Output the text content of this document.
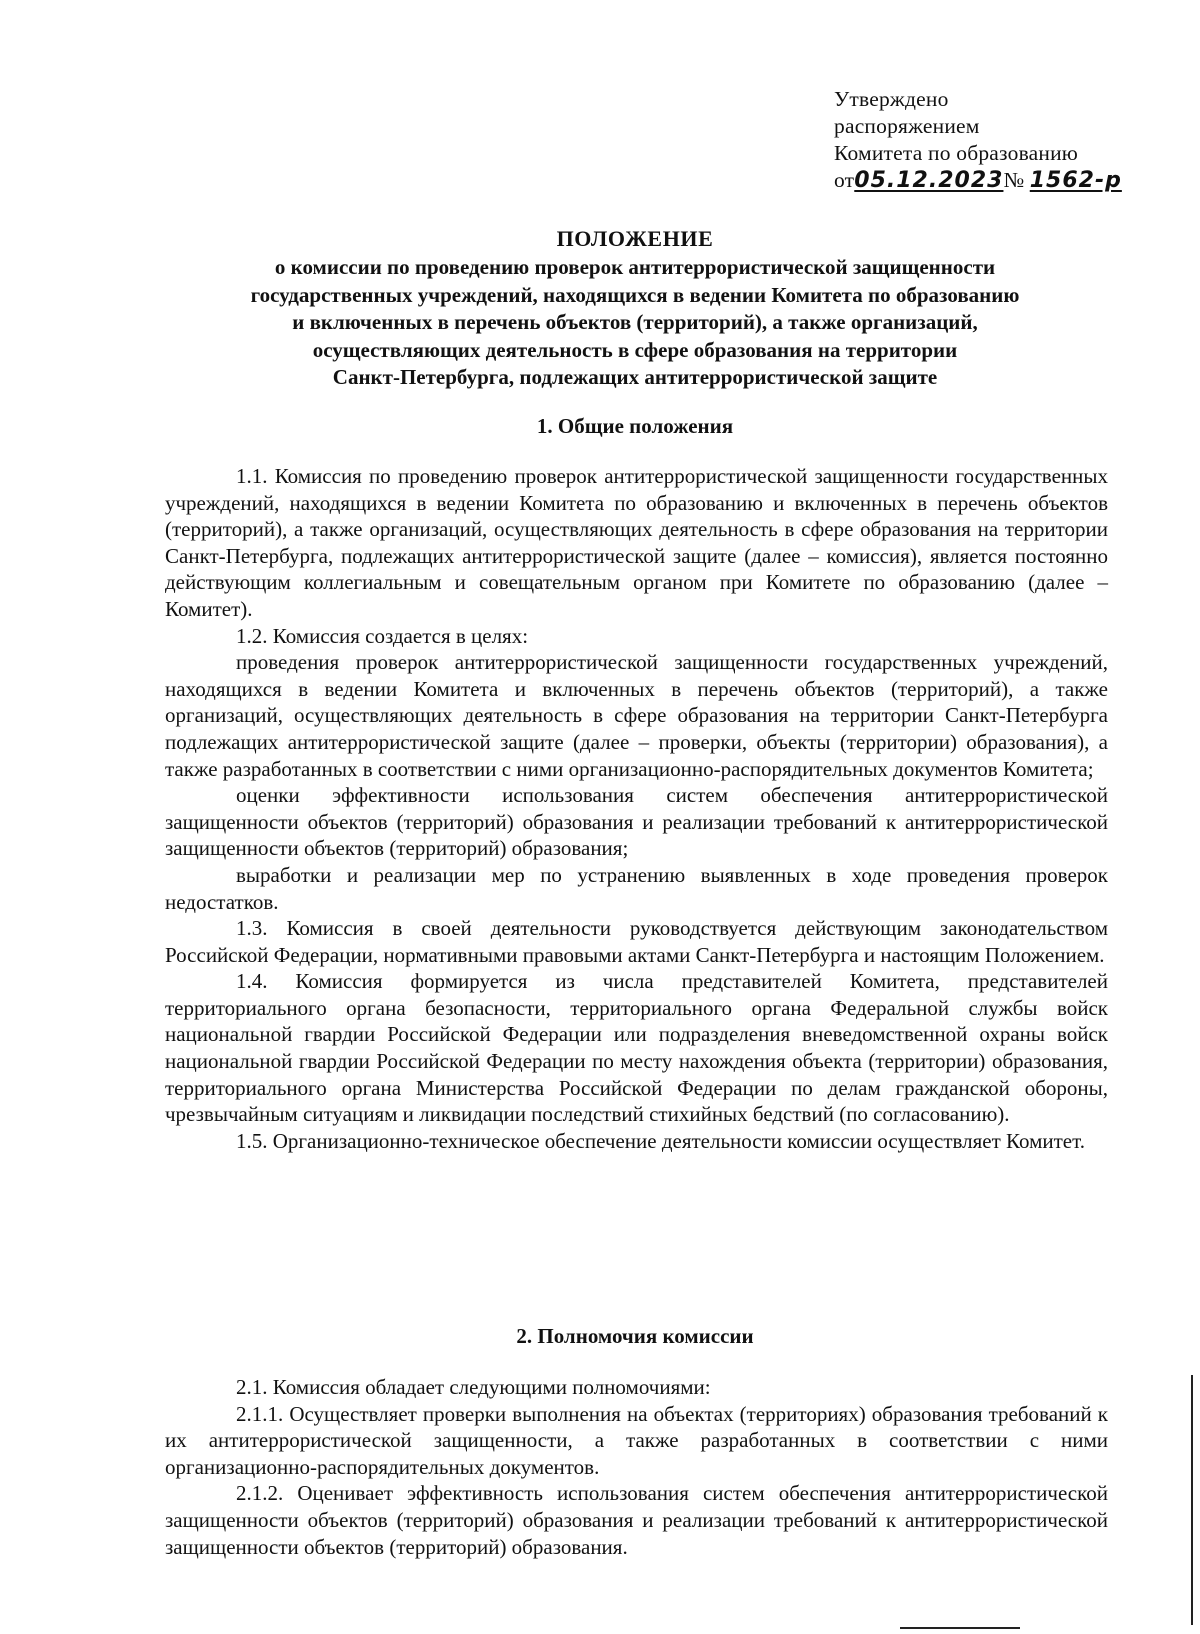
Утверждено
распоряжением
Комитета по образованию
от05.12.2023№ 1562-р
ПОЛОЖЕНИЕ
о комиссии по проведению проверок антитеррористической защищенности
государственных учреждений, находящихся в ведении Комитета по образованию
и включенных в перечень объектов (территорий), а также организаций,
осуществляющих деятельность в сфере образования на территории
Санкт-Петербурга, подлежащих антитеррористической защите
1. Общие положения

1.1. Комиссия по проведению проверок антитеррористической защищенности государственных учреждений, находящихся в ведении Комитета по образованию и включенных в перечень объектов (территорий), а также организаций, осуществляющих деятельность в сфере образования на территории Санкт-Петербурга, подлежащих антитеррористической защите (далее – комиссия), является постоянно действующим коллегиальным и совещательным органом при Комитете по образованию (далее – Комитет).

1.2. Комиссия создается в целях:

проведения проверок антитеррористической защищенности государственных учреждений, находящихся в ведении Комитета и включенных в перечень объектов (территорий), а также организаций, осуществляющих деятельность в сфере образования на территории Санкт-Петербурга подлежащих антитеррористической защите (далее – проверки, объекты (территории) образования), а также разработанных в соответствии с ними организационно-распорядительных документов Комитета;

оценки эффективности использования систем обеспечения антитеррористической защищенности объектов (территорий) образования и реализации требований к антитеррористической защищенности объектов (территорий) образования;

выработки и реализации мер по устранению выявленных в ходе проведения проверок недостатков.

1.3. Комиссия в своей деятельности руководствуется действующим законодательством Российской Федерации, нормативными правовыми актами Санкт-Петербурга и настоящим Положением.

1.4. Комиссия формируется из числа представителей Комитета, представителей территориального органа безопасности, территориального органа Федеральной службы войск национальной гвардии Российской Федерации или подразделения вневедомственной охраны войск национальной гвардии Российской Федерации по месту нахождения объекта (территории) образования, территориального органа Министерства Российской Федерации по делам гражданской обороны, чрезвычайным ситуациям и ликвидации последствий стихийных бедствий (по согласованию).

1.5. Организационно-техническое обеспечение деятельности комиссии осуществляет Комитет.

2. Полномочия комиссии

2.1. Комиссия обладает следующими полномочиями:

2.1.1. Осуществляет проверки выполнения на объектах (территориях) образования требований к их антитеррористической защищенности, а также разработанных в соответствии с ними организационно-распорядительных документов.

2.1.2. Оценивает эффективность использования систем обеспечения антитеррористической защищенности объектов (территорий) образования и реализации требований к антитеррористической защищенности объектов (территорий) образования.
